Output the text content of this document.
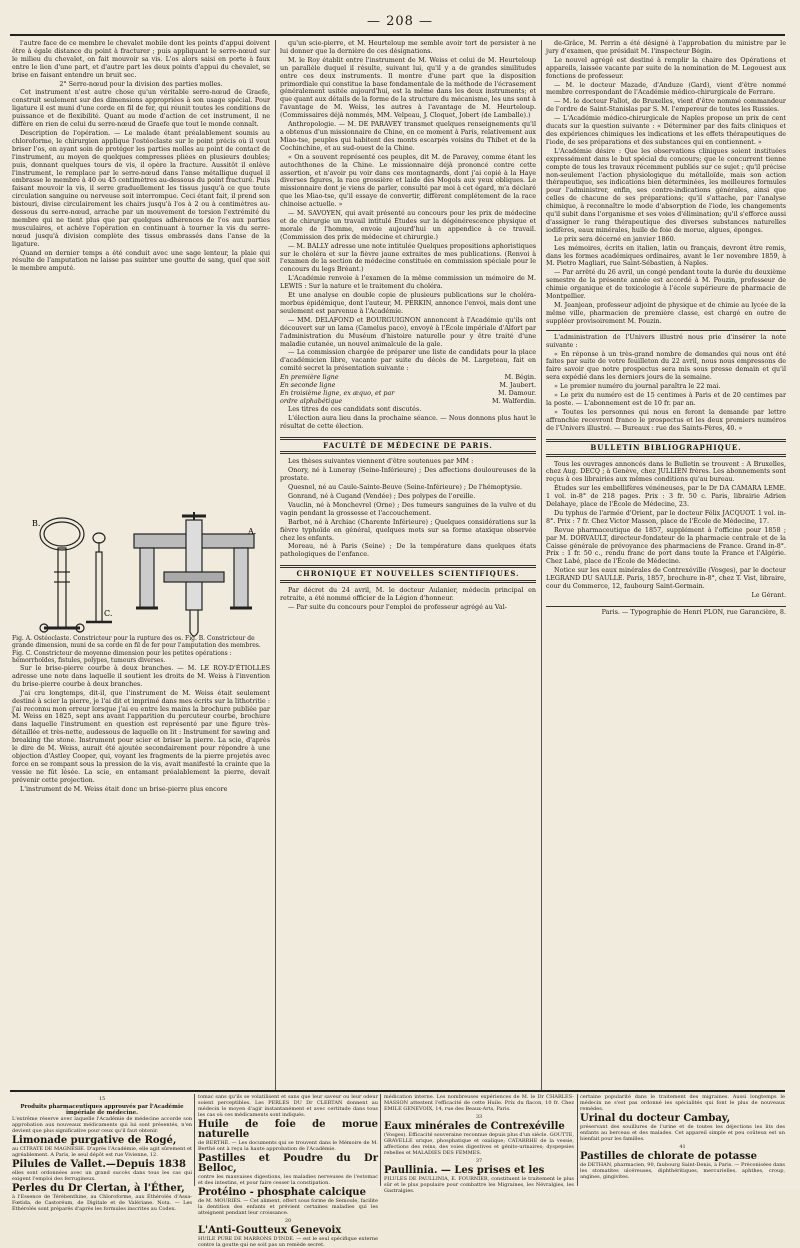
— 208 —

l'autre face de ce membre le chevalet mobile dont les points d'appui doivent être à égale distance du point à fracturer ; puis appliquant le serre-nœud sur le milieu du chevalet, on fait mouvoir sa vis. L'os alors saisi en porte à faux entre le lien d'une part, et d'autre part les deux points d'appui du chevalet, se brise en faisant entendre un bruit sec.

2° Serre-nœud pour la division des parties molles.

Cet instrument n'est autre chose qu'un véritable serre-nœud de Graefe, construit seulement sur des dimensions appropriées à son usage spécial. Pour ligature il est muni d'une corde en fil de fer, qui réunit toutes les conditions de puissance et de flexibilité. Quant au mode d'action de cet instrument, il ne diffère en rien de celui du serre-nœud de Graefe que tout le monde connaît.

Description de l'opération. — Le malade étant préalablement soumis au chloroforme, le chirurgien applique l'ostéoclaste sur le point précis où il veut briser l'os, en ayant soin de protéger les parties molles au point de contact de l'instrument, au moyen de quelques compresses pliées en plusieurs doubles; puis, donnant quelques tours de vis, il opère la fracture. Aussitôt il enlève l'instrument, le remplace par le serre-nœud dans l'anse métallique duquel il embrasse le membre à 40 ou 45 centimètres au-dessous du point fracturé. Puis faisant mouvoir la vis, il serre graduellement les tissus jusqu'à ce que toute circulation sanguine ou nerveuse soit interrompue. Ceci étant fait, il prend son bistouri, divise circulairement les chairs jusqu'à l'os à 2 ou à centimètres au-dessous du serre-nœud, arrache par un mouvement de torsion l'extrémité du membre qui ne tient plus que par quelques adhérences de l'os aux parties musculaires, et achève l'opération en continuant à tourner la vis du serre-nœud jusqu'à division complète des tissus embrassés dans l'anse de la ligature.

Quand on dernier temps a été conduit avec une sage lenteur, la plaie qui résulte de l'amputation ne laisse pas suinter une goutte de sang, quel que soit le membre amputé.

B.
A.
C.
Fig. A. Ostéoclaste. Constricteur pour la rupture des os. Fig. B. Constricteur de grande dimension, muni de sa corde en fil de fer pour l'amputation des membres. Fig. C. Constricteur de moyenne dimension pour les petites opérations : hémorrhoïdes, fistules, polypes, tumeurs diverses.

Sur le brise-pierre courbe à deux branches. — M. LE ROY-D'ÉTIOLLES adresse une note dans laquelle il soutient les droits de M. Weiss à l'invention du brise-pierre courbe à deux branches.

J'ai cru longtemps, dit-il, que l'instrument de M. Weiss était seulement destiné à scier la pierre, je l'ai dit et imprimé dans mes écrits sur la lithotritie : j'ai reconnu mon erreur lorsque j'ai eu entre les mains la brochure publiée par M. Weiss en 1825, sept ans avant l'apparition du percuteur courbe, brochure dans laquelle l'instrument en question est représenté par une figure très-détaillée et très-nette, audessous de laquelle on lit : Instrument for sawing and breaking the stone. Instrument pour scier et briser la pierre. La scie, d'après le dire de M. Weiss, aurait été ajoutée secondairement pour répondre à une objection d'Astley Cooper, qui, voyant les fragments de la pierre projetés avec force en se rompant sous la pression de la vis, avait manifesté la crainte que la vessie ne fût lésée. La scie, en entamant préalablement la pierre, devait prévenir cette projection.

L'instrument de M. Weiss était donc un brise-pierre plus encore

qu'un scie-pierre, et M. Heurteloup me semble avoir tort de persister à ne lui donner que la dernière de ces désignations.

M. le Roy établit entre l'instrument de M. Weiss et celui de M. Heurteloup un parallèle duquel il résulte, suivant lui, qu'il y a de grandes similitudes entre ces deux instruments. Il montre d'une part que la disposition primordiale qui constitue la base fondamentale de la méthode de l'écrasement généralement usitée aujourd'hui, est la même dans les deux instruments; et que quant aux détails de la forme de la structure du mécanisme, les uns sont à l'avantage de M. Weiss, les autres à l'avantage de M. Heurteloup. (Commissaires déjà nommés, MM. Velpeau, J. Cloquet, Jobert (de Lamballe).)

Anthropologie. — M. DE PARAVEY transmet quelques renseignements qu'il a obtenus d'un missionnaire de Chine, en ce moment à Paris, relativement aux Miao-tse, peuples qui habitent des monts escarpés voisins du Thibet et de la Cochinchine, et au sud-ouest de la Chine.

« On a souvent représenté ces peuples, dit M. de Paravey, comme étant les autochthones de la Chine. Le missionnaire déjà prononcé contre cette assertion, et n'avoir pu voir dans ces montagnards, dont j'ai copié à la Haye diverses figures, la race grossière et laide des Mogols aux yeux obliques. Le missionnaire dont je viens de parler, consulté par moi à cet égard, m'a déclaré que les Miao-tse, qu'il essaye de convertir, diffèrent complétement de la race chinoise actuelle. »

— M. SAVOYEN, qui avait présenté au concours pour les prix de médecine et de chirurgie un travail intitulé Études sur la dégénérescence physique et morale de l'homme, envoie aujourd'hui un appendice à ce travail. (Commission des prix de médecine et chirurgie.)

— M. BALLY adresse une note intitulée Quelques propositions aphoristiques sur le choléra et sur la fièvre jaune extraites de mes publications. (Renvoi à l'examen de la section de médecine constituée en commission spéciale pour le concours du legs Bréant.)

L'Académie renvoie à l'examen de la même commission un mémoire de M. LEWIS : Sur la nature et le traitement du choléra.

Et une analyse en double copie de plusieurs publications sur le choléra-morbus épidémique, dont l'auteur, M. PERKIN, annonce l'envoi, mais dont une seulement est parvenue à l'Académie.

— MM. DELAFOND et BOURGUIGNON annoncent à l'Académie qu'ils ont découvert sur un lama (Camelus paco), envoyé à l'École impériale d'Alfort par l'administration du Muséum d'histoire naturelle pour y être traité d'une maladie cutanée, un nouvel animalcule de la gale.

— La commission chargée de préparer une liste de candidats pour la place d'académicien libre, vacante par suite du décès de M. Largeteau, fait en comité secret la présentation suivante :

En première ligne	M. Bégin.
En seconde ligne	M. Jaubert.
En troisième ligne, ex æquo, et par	M. Damour.
ordre alphabétique	M. Walferdin.

Les titres de ces candidats sont discutés.

L'élection aura lieu dans la prochaine séance. — Nous donnons plus haut le résultat de cette élection.

FACULTÉ DE MÉDECINE DE PARIS.

Les thèses suivantes viennent d'être soutenues par MM :

Onory, né à Luneray (Seine-Inférieure) ; Des affections douloureuses de la prostate.

Quesnel, né au Caule-Sainte-Beuve (Seine-Inférieure) ; De l'hémoptysie.

Gonrand, né à Cugand (Vendée) ; Des polypes de l'oreille.

Vauclin, né à Monchevrel (Orne) ; Des tumeurs sanguines de la vulve et du vagin pendant la grossesse et l'accouchement.

Barbot, né à Archiac (Charente Inférieure) ; Quelques considérations sur la fièvre typhoïde en général, quelques mots sur sa forme ataxique observée chez les enfants.

Moreau, né à Paris (Seine) ; De la température dans quelques états pathologiques de l'enfance.

CHRONIQUE ET NOUVELLES SCIENTIFIQUES.

Par décret du 24 avril, M. le docteur Aulanier, médecin principal en retraite, a été nommé officier de la Légion d'honneur.

— Par suite du concours pour l'emploi de professeur agrégé au Val-

de-Grâce, M. Perrin a été désigné à l'approbation du ministre par le jury d'examen, que présidait M. l'inspecteur Bégin.

Le nouvel agrégé est destiné à remplir la chaire des Opérations et appareils, laissée vacante par suite de la nomination de M. Legouest aux fonctions de professeur.

— M. le docteur Mazade, d'Anduze (Gard), vient d'être nommé membre correspondant de l'Académie médico-chirurgicale de Ferrare.

— M. le docteur Fallot, de Bruxelles, vient d'être nommé commandeur de l'ordre de Saint-Stanislas par S. M. l'empereur de toutes les Russies.

— L'Académie médico-chirurgicale de Naples propose un prix de cent ducats sur la question suivante : « Déterminer par des faits cliniques et des expériences chimiques les indications et les effets thérapeutiques de l'iode, de ses préparations et des substances qui en contiennent. »

L'Académie désire : Que les observations cliniques soient instituées expressément dans le but spécial du concours; que le concurrent tienne compte de tous les travaux récemment publiés sur ce sujet ; qu'il précise non-seulement l'action physiologique du métalloïde, mais son action thérapeutique, ses indications bien déterminées, les meilleures formules pour l'administrer, enfin, ses contre-indications générales, ainsi que celles de chacune de ses préparations; qu'il s'attache, par l'analyse chimique, à reconnaître le mode d'absorption de l'iode, les changements qu'il subit dans l'organisme et ses voies d'élimination; qu'il s'efforce aussi d'assigner le rang thérapeutique des diverses substances naturelles iodifères, eaux minérales, huile de foie de morue, algues, éponges.

Le prix sera décerné en janvier 1860.

Les mémoires, écrits en italien, latin ou français, devront être remis, dans les formes académiques ordinaires, avant le 1er novembre 1859, à M. Pietro Magliari, rue Saint-Sébastien, à Naples.

— Par arrêté du 26 avril, un congé pendant toute la durée du deuxième semestre de la présente année est accordé à M. Pouzin, professeur de chimie organique et de toxicologie à l'école supérieure de pharmacie de Montpellier.

M. Jeanjean, professeur adjoint de physique et de chimie au lycée de la même ville, pharmacien de première classe, est chargé en outre de suppléer provisoirement M. Pouzin.

L'administration de l'Univers illustré nous prie d'insérer la note suivante :

« En réponse à un très-grand nombre de demandes qui nous ont été faites par suite de votre feuilleton du 22 avril, nous nous empressons de faire savoir que notre prospectus sera mis sous presse demain et qu'il sera expédié dans les derniers jours de la semaine.

» Le premier numéro du journal paraîtra le 22 mai.

» Le prix du numéro est de 15 centimes à Paris et de 20 centimes par la poste. — L'abonnement est de 10 fr. par an.

» Toutes les personnes qui nous en feront la demande par lettre affranchie recevront franco le prospectus et les deux premiers numéros de l'Univers illustré. — Bureaux : rue des Saints-Pères, 40. »

BULLETIN BIBLIOGRAPHIQUE.

Tous les ouvrages annoncés dans le Bulletin se trouvent : A Bruxelles, chez Aug. DECQ ; à Genève, chez JULLIEN frères. Les abonnements sont reçus à ces librairies aux mêmes conditions qu'au bureau.

Études sur les embellifères vénéneuses, par le Dr DA CAMARA LEME. 1 vol. in-8° de 218 pages. Prix : 3 fr. 50 c. Paris, librairie Adrien Delahaye, place de l'École de Médecine, 23.

Du typhus de l'armée d'Orient, par le docteur Félix JACQUOT. 1 vol. in-8°. Prix : 7 fr. Chez Victor Masson, place de l'École de Médecine, 17.

Revue pharmaceutique de 1857, supplément à l'officine pour 1858 ; par M. DORVAULT, directeur-fondateur de la pharmacie centrale et de la Caisse générale de prévoyance des pharmaciens de France. Grand in-8°. Prix : 1 fr. 50 c., rendu franc de port dans toute la France et l'Algérie. Chez Labé, place de l'École de Médecine.

Notice sur les eaux minérales de Contrexéville (Vosges), par le docteur LEGRAND DU SAULLE. Paris, 1857, brochure in-8°, chez T. Vist, libraire, cour du Commerce, 12, faubourg Saint-Germain.

Le Gérant.
Paris. — Typographie de Henri PLON, rue Garancière, 8.
15
Produits pharmaceutiques approuvés par l'Académie impériale de médecine.

L'extrême réserve avec laquelle l'Académie de médecine accorde son approbation aux nouveaux médicaments qui lui sont présentés, n'en devient que plus significative pour ceux qu'il faut obtenir.

Limonade purgative de Rogé,

au CITRATE DE MAGNÉSIE. D'après l'Académie, elle agit sûrement et agréablement. A Paris, le seul dépôt est rue Vivienne, 12.

Pilules de Vallet.—Depuis 1838

elles sont ordonnées avec un grand succès dans tous les cas qui exigent l'emploi des ferrugineux.

Perles du Dr Clertan, à l'Éther,

à l'Essence de Térébenthine, au Chloroforme, aux Éthérolés d'Assa-Fœtida, de Castoréum, de Digitale et de Valériane. Nota. — Les Éthérolés sont préparés d'après les formules inscrites au Codex.

tomac sans qu'ils se volatilisent et sans que leur saveur ou leur odeur soient perceptibles. Les PERLES DU Dr CLERTAN donnent au médecin le moyen d'agir instantanément et avec certitude dans tous les cas où ces médicaments sont indiqués.

Huile de foie de morue naturelle

de BERTHÉ. — Les documents qui se trouvent dans le Mémoire de M. Berthé ont à reçu la haute approbation de l'Académie.

Pastilles et Poudre du Dr Belloc,

contre les mauvaises digestions, les maladies nerveuses de l'estomac et des intestins, et pour faire cesser la constipation.

Protéino - phosphate calcique

de M. MOURIÈS. — Cet aliment, offert sous forme de Semoule, facilite la dentition des enfants et prévient certaines maladies qui les atteignent pendant leur croissance.

20
L'Anti-Goutteux Genevoix

HUILE PURE DE MARRONS D'INDE. — est le seul spécifique externe contre la goutte qui ne soit pas un remède secret.

médication interne. Les nombreuses expériences de M. le Dr CHARLES-MASSON attestent l'efficacité de cette Huile. Prix du flacon, 10 fr. Chez EMILE GENEVOIX, 14, rue des Beaux-Arts, Paris.

33
Eaux minérales de Contrexéville

(Vosges). Efficacité souveraine reconnue depuis plus d'un siècle. GOUTTE, GRAVELLE urique, phosphatique et oxalique; CATARRHE de la vessie, affections des reins, des voies digestives et génito-urinaires; dyspepsies rebelles et MALADIES DES FEMMES.

37
Paullinia. — Les prises et les

PILULES DE PAULLINIA, E. FOURNIER, constituent le traitement le plus sûr et le plus populaire pour combattre les Migraines, les Névralgies, les Gastralgies.

certaine popularité dans le traitement des migraines. Aussi longtemps le médecin ne s'est pas ordonné les spécialités qui font le plus de nouveaux remèdes.

Urinal du docteur Cambay,

préservant des souillures de l'urine et de toutes les déjections les lits des enfants au berceau et des malades. Cet appareil simple et peu coûteux est un bienfait pour les familles.

41
Pastilles de chlorate de potasse

de DETHAN, pharmacien, 90, faubourg Saint-Denis, à Paris. — Préconisées dans les stomatites ulcéreuses, diphthéritiques, mercurielles, aphthes, croup, angines, gingivites.
